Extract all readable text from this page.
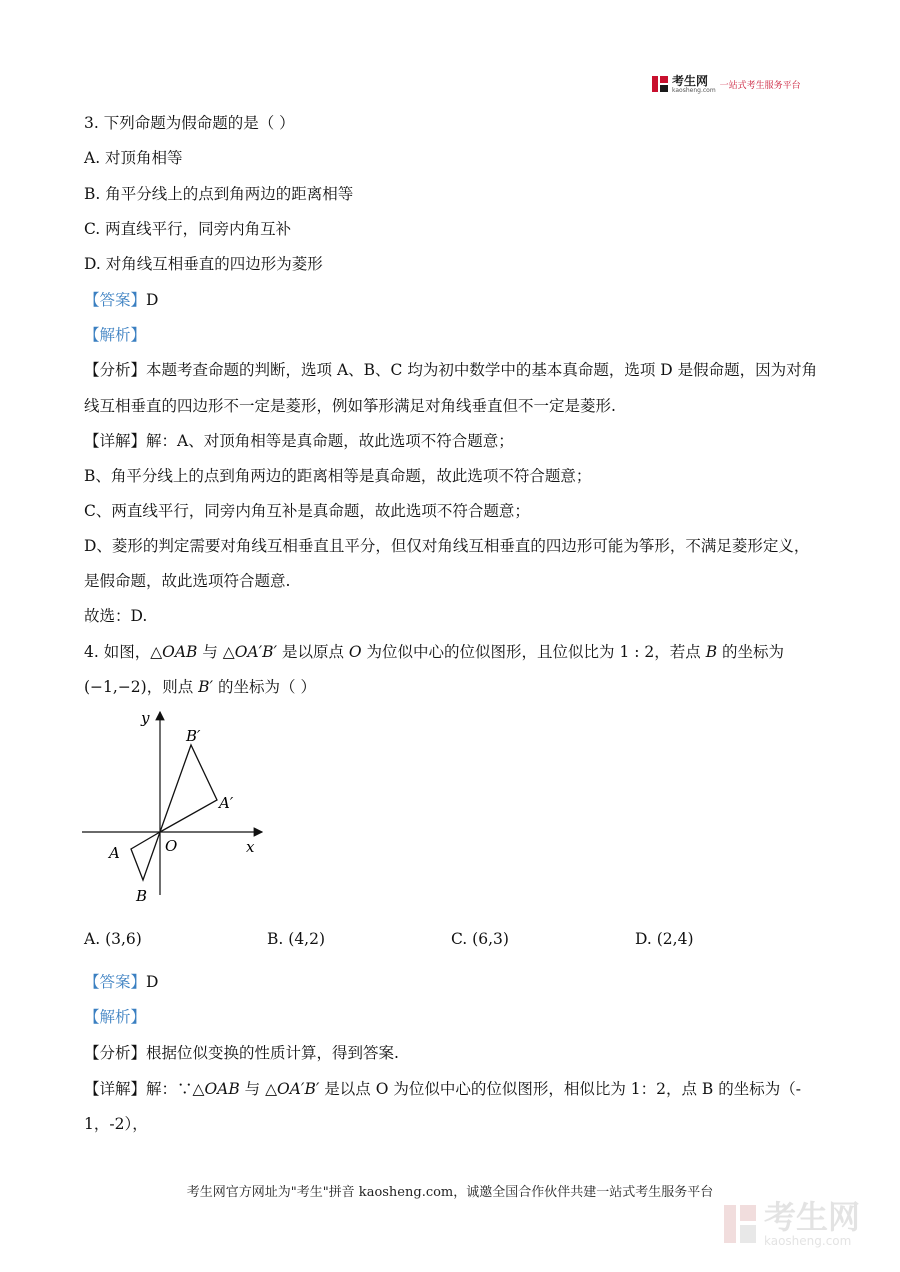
考生网
kaosheng.com 一站式考生服务平台
3. 下列命题为假命题的是（ ）
A. 对顶角相等
B. 角平分线上的点到角两边的距离相等
C. 两直线平行，同旁内角互补
D. 对角线互相垂直的四边形为菱形
【答案】D
【解析】
【分析】本题考查命题的判断，选项 A、B、C 均为初中数学中的基本真命题，选项 D 是假命题，因为对角
线互相垂直的四边形不一定是菱形，例如筝形满足对角线垂直但不一定是菱形.
【详解】解：A、对顶角相等是真命题，故此选项不符合题意；
B、角平分线上的点到角两边的距离相等是真命题，故此选项不符合题意；
C、两直线平行，同旁内角互补是真命题，故此选项不符合题意；
D、菱形的判定需要对角线互相垂直且平分，但仅对角线互相垂直的四边形可能为筝形，不满足菱形定义，
是假命题，故此选项符合题意.
故选：D.
4. 如图，△OAB 与 △OA′B′ 是以原点 O 为位似中心的位似图形，且位似比为 1 : 2，若点 B 的坐标为
(−1,−2)，则点 B′ 的坐标为（ ）
y
x
O
A
B
A′
B′
A. (3,6)	B. (4,2)	C. (6,3)	D. (2,4)
【答案】D
【解析】
【分析】根据位似变换的性质计算，得到答案.
【详解】解：∵△OAB 与 △OA′B′ 是以点 O 为位似中心的位似图形，相似比为 1：2，点 B 的坐标为（-
1，-2），
考生网官方网址为"考生"拼音 kaosheng.com，诚邀全国合作伙伴共建一站式考生服务平台
考生网
kaosheng.com
